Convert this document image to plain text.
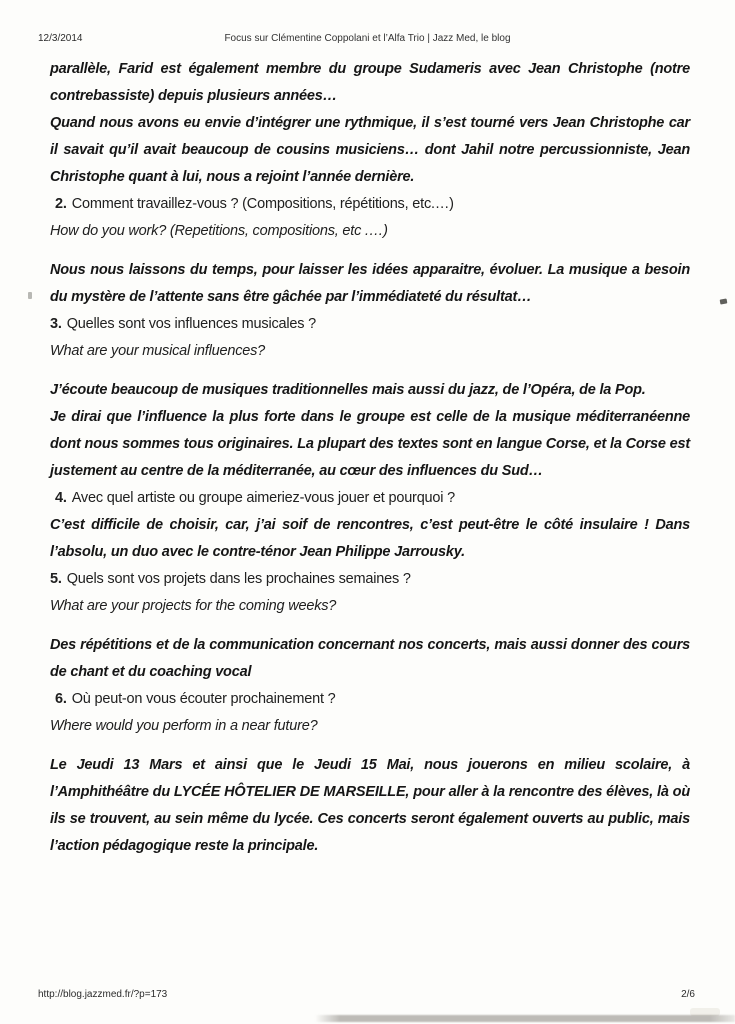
12/3/2014	Focus sur Clémentine Coppolani et l’Alfa Trio | Jazz Med, le blog

parallèle, Farid est également membre du groupe Sudameris avec Jean Christophe (notre contrebassiste) depuis plusieurs années…

Quand nous avons eu envie d’intégrer une rythmique, il s’est tourné vers Jean Christophe car il savait qu’il avait beaucoup de cousins musiciens… dont Jahil notre percussionniste, Jean Christophe quant à lui, nous a rejoint l’année dernière.

2. Comment travaillez-vous ? (Compositions, répétitions, etc.…)

How do you work? (Repetitions, compositions, etc .…)

Nous nous laissons du temps, pour laisser les idées apparaitre, évoluer. La musique a besoin du mystère de l’attente sans être gâchée par l’immédiateté du résultat…

3. Quelles sont vos influences musicales ?

What are your musical influences?

J’écoute beaucoup de musiques traditionnelles mais aussi du jazz, de l’Opéra, de la Pop.

Je dirai que l’influence la plus forte dans le groupe est celle de la musique méditerranéenne dont nous sommes tous originaires. La plupart des textes sont en langue Corse, et la Corse est justement au centre de la méditerranée, au cœur des influences du Sud…

4. Avec quel artiste ou groupe aimeriez-vous jouer et pourquoi ?

C’est difficile de choisir, car, j’ai soif de rencontres, c’est peut-être le côté insulaire ! Dans l’absolu, un duo avec le contre-ténor Jean Philippe Jarrousky.

5. Quels sont vos projets dans les prochaines semaines ?

What are your projects for the coming weeks?

Des répétitions et de la communication concernant nos concerts, mais aussi donner des cours de chant et du coaching vocal

6. Où peut-on vous écouter prochainement ?

Where would you perform in a near future?

Le Jeudi 13 Mars et ainsi que le Jeudi 15 Mai, nous jouerons en milieu scolaire, à l’Amphithéâtre du LYCÉE HÔTELIER DE MARSEILLE, pour aller à la rencontre des élèves, là où ils se trouvent, au sein même du lycée. Ces concerts seront également ouverts au public, mais l’action pédagogique reste la principale.

http://blog.jazzmed.fr/?p=173	2/6
